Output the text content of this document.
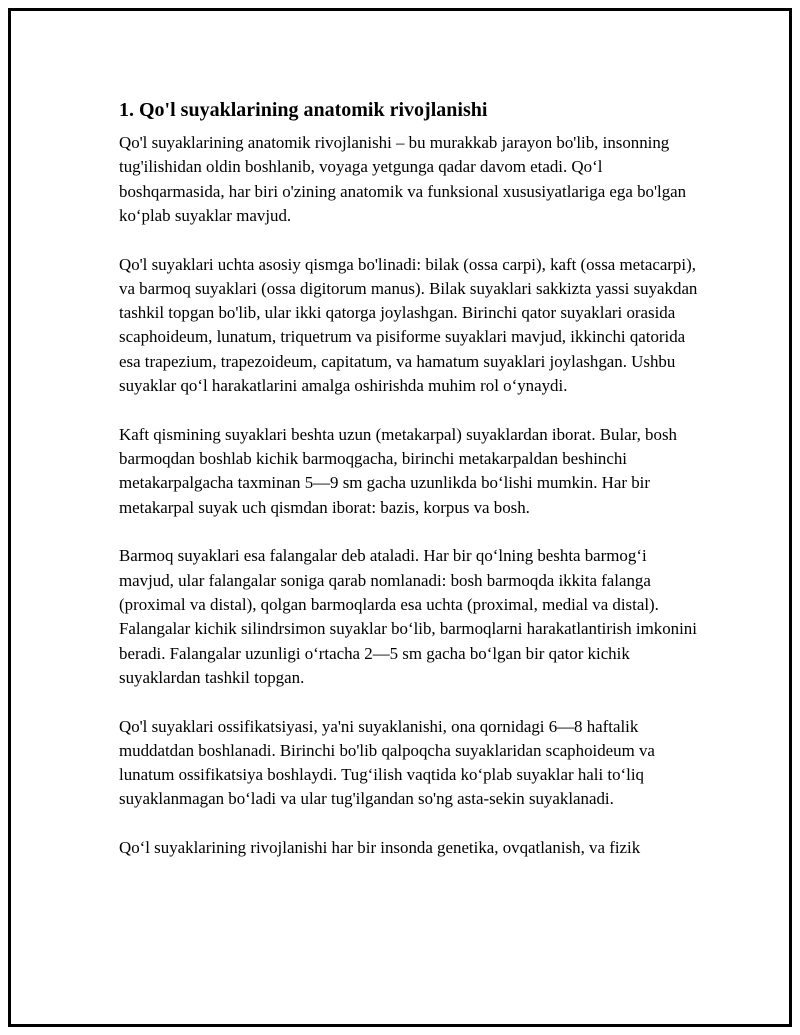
1. Qo'l suyaklarining anatomik rivojlanishi

Qo'l suyaklarining anatomik rivojlanishi – bu murakkab jarayon bo'lib, insonning tug'ilishidan oldin boshlanib, voyaga yetgunga qadar davom etadi. Qo‘l boshqarmasida, har biri o'zining anatomik va funksional xususiyatlariga ega bo'lgan ko‘plab suyaklar mavjud.

Qo'l suyaklari uchta asosiy qismga bo'linadi: bilak (ossa carpi), kaft (ossa metacarpi), va barmoq suyaklari (ossa digitorum manus). Bilak suyaklari sakkizta yassi suyakdan tashkil topgan bo'lib, ular ikki qatorga joylashgan. Birinchi qator suyaklari orasida scaphoideum, lunatum, triquetrum va pisiforme suyaklari mavjud, ikkinchi qatorida esa trapezium, trapezoideum, capitatum, va hamatum suyaklari joylashgan. Ushbu suyaklar qo‘l harakatlarini amalga oshirishda muhim rol o‘ynaydi.

Kaft qismining suyaklari beshta uzun (metakarpal) suyaklardan iborat. Bular, bosh barmoqdan boshlab kichik barmoqgacha, birinchi metakarpaldan beshinchi metakarpalgacha taxminan 5—9 sm gacha uzunlikda bo‘lishi mumkin. Har bir metakarpal suyak uch qismdan iborat: bazis, korpus va bosh.

Barmoq suyaklari esa falangalar deb ataladi. Har bir qo‘lning beshta barmog‘i mavjud, ular falangalar soniga qarab nomlanadi: bosh barmoqda ikkita falanga (proximal va distal), qolgan barmoqlarda esa uchta (proximal, medial va distal). Falangalar kichik silindrsimon suyaklar bo‘lib, barmoqlarni harakatlantirish imkonini beradi. Falangalar uzunligi o‘rtacha 2—5 sm gacha bo‘lgan bir qator kichik suyaklardan tashkil topgan.

Qo'l suyaklari ossifikatsiyasi, ya'ni suyaklanishi, ona qornidagi 6—8 haftalik muddatdan boshlanadi. Birinchi bo'lib qalpoqcha suyaklaridan scaphoideum va lunatum ossifikatsiya boshlaydi. Tug‘ilish vaqtida ko‘plab suyaklar hali to‘liq suyaklanmagan bo‘ladi va ular tug'ilgandan so'ng asta-sekin suyaklanadi.

Qo‘l suyaklarining rivojlanishi har bir insonda genetika, ovqatlanish, va fizik
